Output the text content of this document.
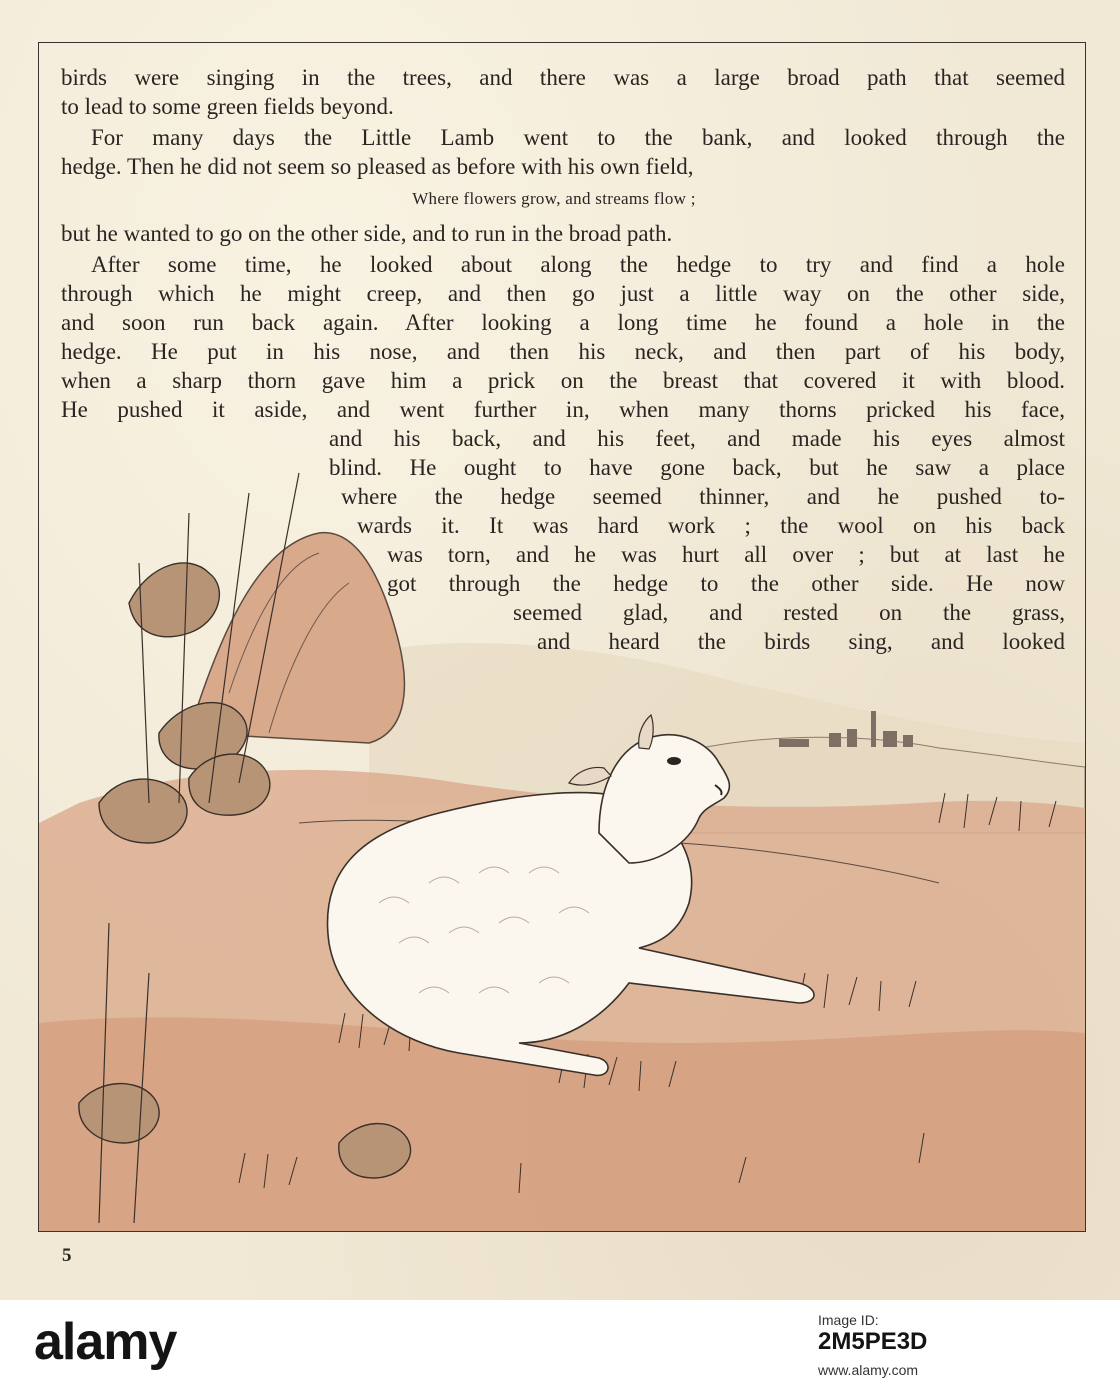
birds were singing in the trees, and there was a large broad path that seemed
to lead to some green fields beyond.
For many days the Little Lamb went to the bank, and looked through the
hedge. Then he did not seem so pleased as before with his own field,
Where flowers grow, and streams flow ;
but he wanted to go on the other side, and to run in the broad path.
After some time, he looked about along the hedge to try and find a hole
through which he might creep, and then go just a little way on the other side,
and soon run back again. After looking a long time he found a hole in the
hedge. He put in his nose, and then his neck, and then part of his body,
when a sharp thorn gave him a prick on the breast that covered it with blood.
He pushed it aside, and went further in, when many thorns pricked his face,
and his back, and his feet, and made his eyes almost
blind. He ought to have gone back, but he saw a place
where the hedge seemed thinner, and he pushed to-
wards it. It was hard work ; the wool on his back
was torn, and he was hurt all over ; but at last he
got through the hedge to the other side. He now
seemed glad, and rested on the grass,
and heard the birds sing, and looked
5
alamy	Image ID:
2M5PE3D
www.alamy.com
